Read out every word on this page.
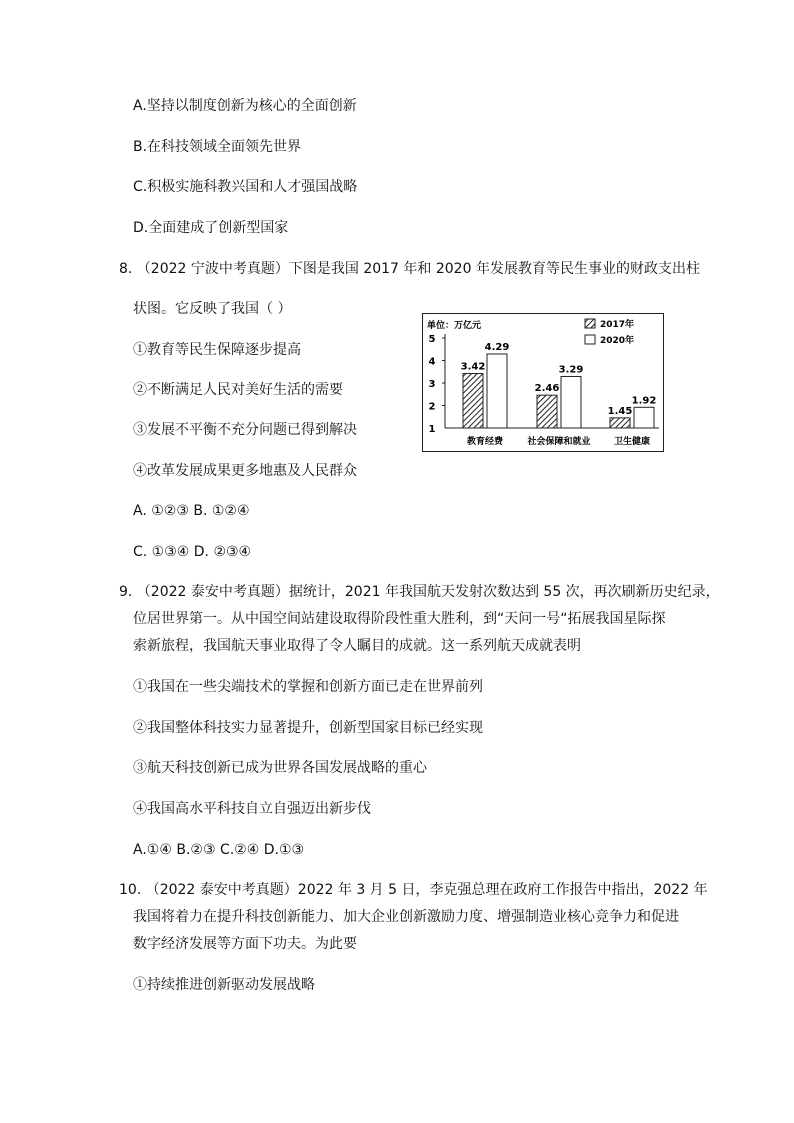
A.坚持以制度创新为核心的全面创新
B.在科技领域全面领先世界
C.积极实施科教兴国和人才强国战略
D.全面建成了创新型国家
8. （2022 宁波中考真题）下图是我国 2017 年和 2020 年发展教育等民生事业的财政支出柱
状图。它反映了我国（ ）
①教育等民生保障逐步提高
②不断满足人民对美好生活的需要
③发展不平衡不充分问题已得到解决
④改革发展成果更多地惠及人民群众
A. ①②③ B. ①②④
C. ①③④ D. ②③④
单位：万亿元	2017年
2020年
1
2
3
4
5
3.42
4.29
教育经费
2.46
3.29
社会保障和就业
1.45
1.92
卫生健康
9. （2022 泰安中考真题）据统计，2021 年我国航天发射次数达到 55 次，再次刷新历史纪录，
位居世界第一。从中国空间站建设取得阶段性重大胜利，到“天问一号“拓展我国星际探
索新旅程，我国航天事业取得了令人瞩目的成就。这一系列航天成就表明
①我国在一些尖端技术的掌握和创新方面已走在世界前列
②我国整体科技实力显著提升，创新型国家目标已经实现
③航天科技创新已成为世界各国发展战略的重心
④我国高水平科技自立自强迈出新步伐
A.①④ B.②③ C.②④ D.①③
10. （2022 泰安中考真题）2022 年 3 月 5 日，李克强总理在政府工作报告中指出，2022 年
我国将着力在提升科技创新能力、加大企业创新激励力度、增强制造业核心竞争力和促进
数字经济发展等方面下功夫。为此要
①持续推进创新驱动发展战略
